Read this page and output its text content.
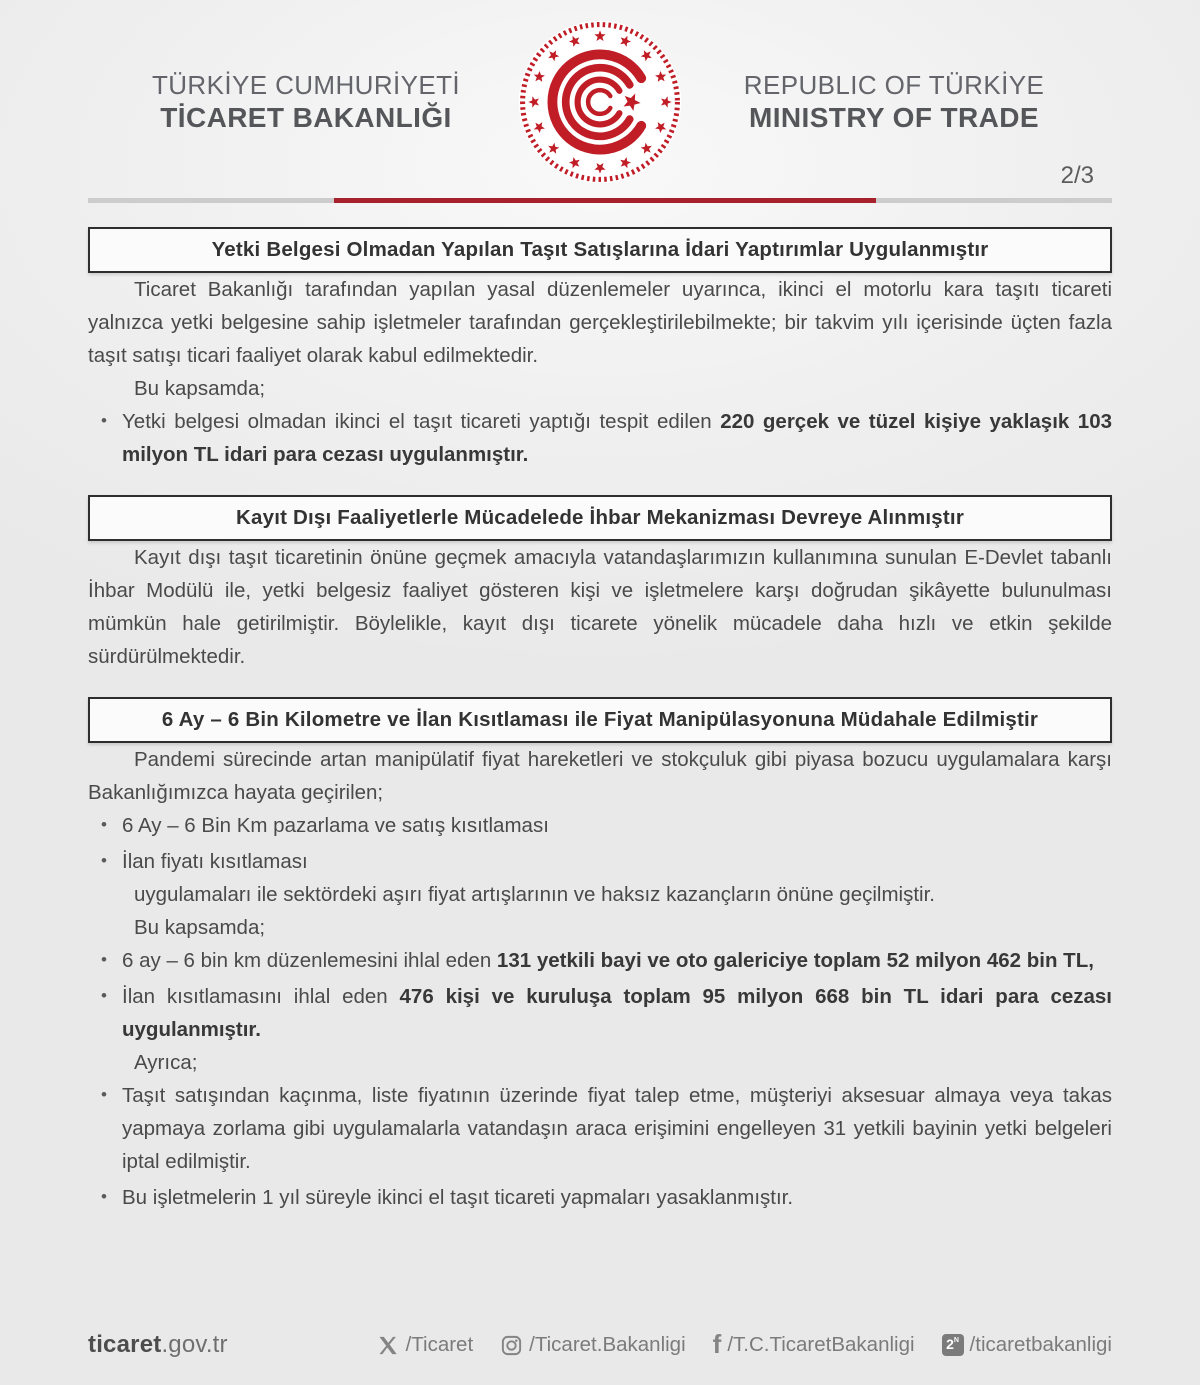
TÜRKİYE CUMHURİYETİ
TİCARET BAKANLIĞI
REPUBLIC OF TÜRKİYE
MINISTRY OF TRADE
2/3
Yetki Belgesi Olmadan Yapılan Taşıt Satışlarına İdari Yaptırımlar Uygulanmıştır

Ticaret Bakanlığı tarafından yapılan yasal düzenlemeler uyarınca, ikinci el motorlu kara taşıtı ticareti yalnızca yetki belgesine sahip işletmeler tarafından gerçekleştirilebilmekte; bir takvim yılı içerisinde üçten fazla taşıt satışı ticari faaliyet olarak kabul edilmektedir.

Bu kapsamda;

• Yetki belgesi olmadan ikinci el taşıt ticareti yaptığı tespit edilen 220 gerçek ve tüzel kişiye yaklaşık 103 milyon TL idari para cezası uygulanmıştır.
Kayıt Dışı Faaliyetlerle Mücadelede İhbar Mekanizması Devreye Alınmıştır

Kayıt dışı taşıt ticaretinin önüne geçmek amacıyla vatandaşlarımızın kullanımına sunulan E-Devlet tabanlı İhbar Modülü ile, yetki belgesiz faaliyet gösteren kişi ve işletmelere karşı doğrudan şikâyette bulunulması mümkün hale getirilmiştir. Böylelikle, kayıt dışı ticarete yönelik mücadele daha hızlı ve etkin şekilde sürdürülmektedir.

6 Ay – 6 Bin Kilometre ve İlan Kısıtlaması ile Fiyat Manipülasyonuna Müdahale Edilmiştir

Pandemi sürecinde artan manipülatif fiyat hareketleri ve stokçuluk gibi piyasa bozucu uygulamalara karşı Bakanlığımızca hayata geçirilen;

• 6 Ay – 6 Bin Km pazarlama ve satış kısıtlaması
• İlan fiyatı kısıtlaması

uygulamaları ile sektördeki aşırı fiyat artışlarının ve haksız kazançların önüne geçilmiştir.

Bu kapsamda;

• 6 ay – 6 bin km düzenlemesini ihlal eden 131 yetkili bayi ve oto galericiye toplam 52 milyon 462 bin TL,
• İlan kısıtlamasını ihlal eden 476 kişi ve kuruluşa toplam 95 milyon 668 bin TL idari para cezası uygulanmıştır.

Ayrıca;

• Taşıt satışından kaçınma, liste fiyatının üzerinde fiyat talep etme, müşteriyi aksesuar almaya veya takas yapmaya zorlama gibi uygulamalarla vatandaşın araca erişimini engelleyen 31 yetkili bayinin yetki belgeleri iptal edilmiştir.
• Bu işletmelerin 1 yıl süreyle ikinci el taşıt ticareti yapmaları yasaklanmıştır.
ticaret.gov.tr	/Ticaret	/Ticaret.Bakanligi f /T.C.TicaretBakanligi $2^N$ /ticaretbakanligi
